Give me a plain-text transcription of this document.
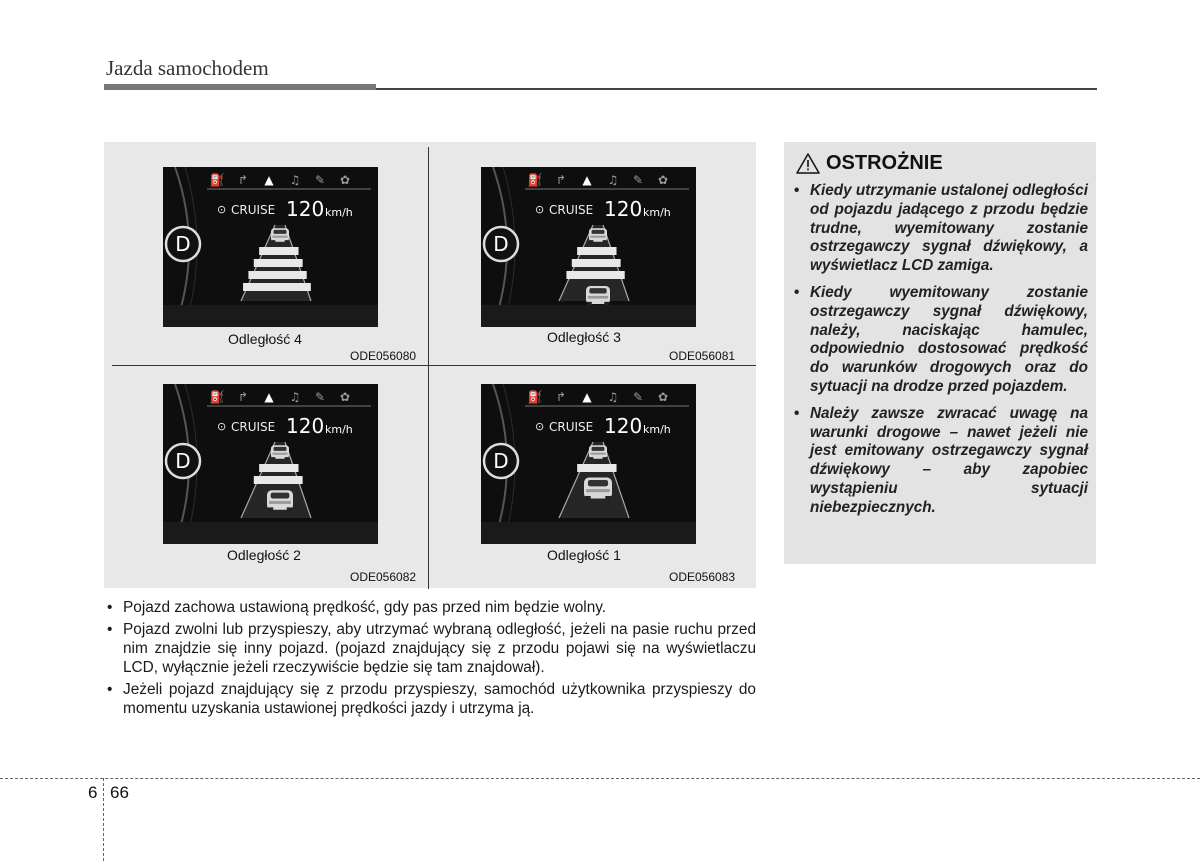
Jazda samochodem
⛽ ↱ ▲ ♫ ✎ ✿
⊙ CRUISE 120 km/h
D
Odległość 4
ODE056080
⛽ ↱ ▲ ♫ ✎ ✿
⊙ CRUISE 120 km/h
D
Odległość 3
ODE056081
⛽ ↱ ▲ ♫ ✎ ✿
⊙ CRUISE 120 km/h
D
Odległość 2
ODE056082
⛽ ↱ ▲ ♫ ✎ ✿
⊙ CRUISE 120 km/h
D
Odległość 1
ODE056083
OSTROŻNIE
• Kiedy utrzymanie ustalonej odległości od pojazdu jadącego z przodu będzie trudne, wyemitowany zostanie ostrzegawczy sygnał dźwiękowy, a wyświetlacz LCD zamiga.
• Kiedy wyemitowany zostanie ostrzegawczy sygnał dźwiękowy, należy, naciskając hamulec, odpowiednio dostosować prędkość do warunków drogowych oraz do sytuacji na drodze przed pojazdem.
• Należy zawsze zwracać uwagę na warunki drogowe – nawet jeżeli nie jest emitowany ostrzegawczy sygnał dźwiękowy – aby zapobiec wystąpieniu sytuacji niebezpiecznych.
• Pojazd zachowa ustawioną prędkość, gdy pas przed nim będzie wolny.
• Pojazd zwolni lub przyspieszy, aby utrzymać wybraną odległość, jeżeli na pasie ruchu przed nim znajdzie się inny pojazd. (pojazd znajdujący się z przodu pojawi się na wyświetlaczu LCD, wyłącznie jeżeli rzeczywiście będzie się tam znajdował).
• Jeżeli pojazd znajdujący się z przodu przyspieszy, samochód użytkownika przyspieszy do momentu uzyskania ustawionej prędkości jazdy i utrzyma ją.
6 66
